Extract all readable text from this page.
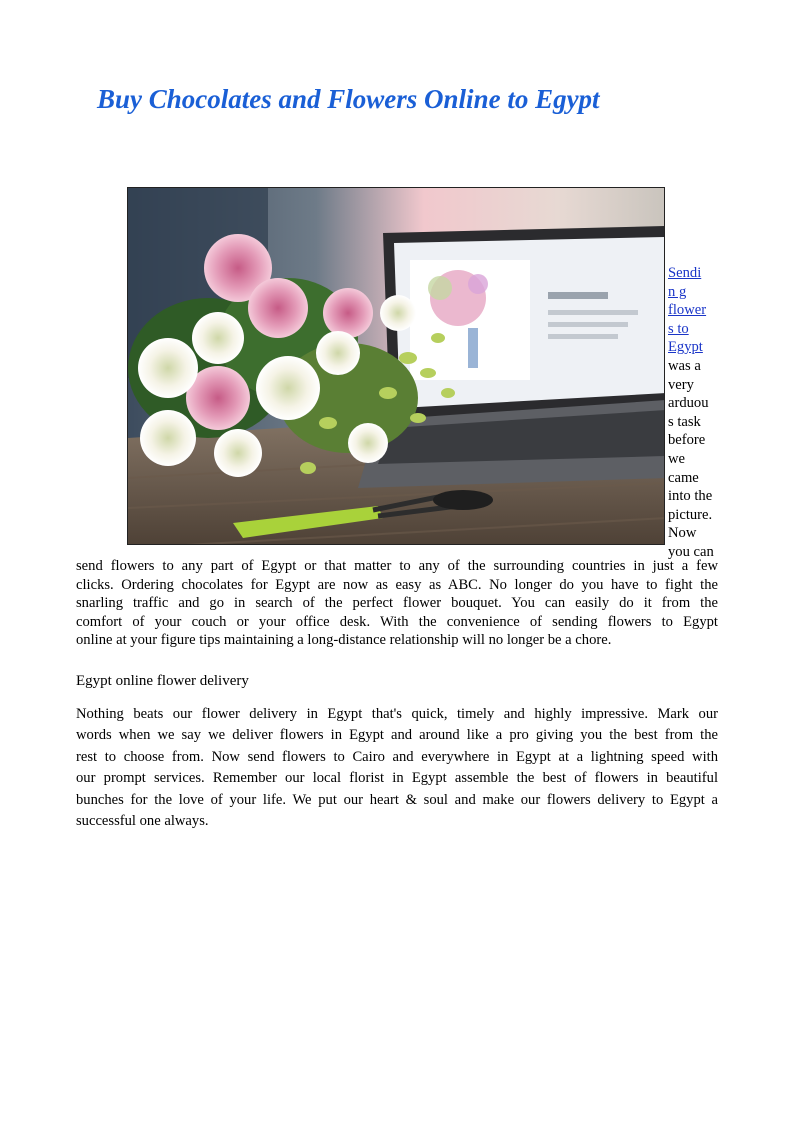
Buy Chocolates and Flowers Online to Egypt
Sendi
n g
flower
s to
Egypt
was a
very
arduou
s task
before
we
came
into the
picture.
Now
you can

send flowers to any part of Egypt or that matter to any of the surrounding countries in just a few
clicks. Ordering chocolates for Egypt are now as easy as ABC. No longer do you have to fight the
snarling traffic and go in search of the perfect flower bouquet. You can easily do it from the
comfort of your couch or your office desk. With the convenience of sending flowers to Egypt
online at your figure tips maintaining a long-distance relationship will no longer be a chore.

Egypt online flower delivery

Nothing beats our flower delivery in Egypt that's quick, timely and highly impressive. Mark our
words when we say we deliver flowers in Egypt and around like a pro giving you the best from the
rest to choose from. Now send flowers to Cairo and everywhere in Egypt at a lightning speed with
our prompt services. Remember our local florist in Egypt assemble the best of flowers in beautiful
bunches for the love of your life. We put our heart & soul and make our flowers delivery to Egypt a
successful one always.
